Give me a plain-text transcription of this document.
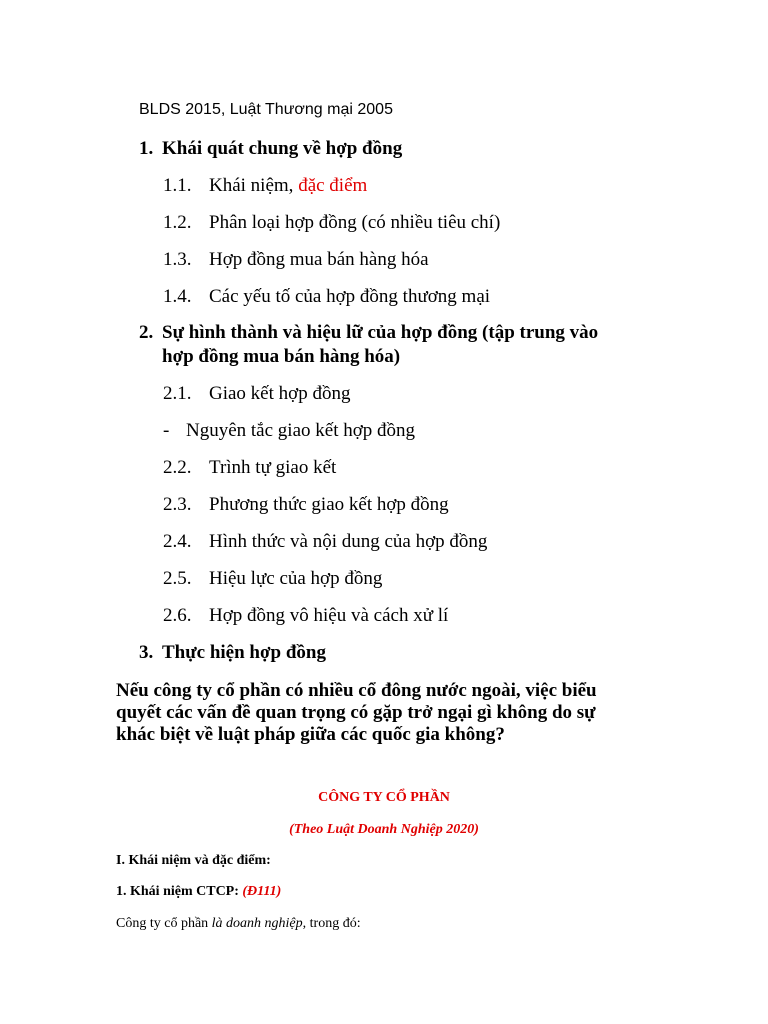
BLDS 2015, Luật Thương mại 2005
1. Khái quát chung về hợp đồng
1.1. Khái niệm, đặc điểm
1.2. Phân loại hợp đồng (có nhiều tiêu chí)
1.3. Hợp đồng mua bán hàng hóa
1.4. Các yếu tố của hợp đồng thương mại
2. Sự hình thành và hiệu lữ của hợp đồng (tập trung vào
hợp đồng mua bán hàng hóa)
2.1. Giao kết hợp đồng
- Nguyên tắc giao kết hợp đồng
2.2. Trình tự giao kết
2.3. Phương thức giao kết hợp đồng
2.4. Hình thức và nội dung của hợp đồng
2.5. Hiệu lực của hợp đồng
2.6. Hợp đồng vô hiệu và cách xử lí
3. Thực hiện hợp đồng
Nếu công ty cổ phần có nhiều cổ đông nước ngoài, việc biểu
quyết các vấn đề quan trọng có gặp trở ngại gì không do sự
khác biệt về luật pháp giữa các quốc gia không?
CÔNG TY CỔ PHẦN
(Theo Luật Doanh Nghiệp 2020)
I. Khái niệm và đặc điểm:
1. Khái niệm CTCP: (Đ111)
Công ty cổ phần là doanh nghiệp, trong đó:
